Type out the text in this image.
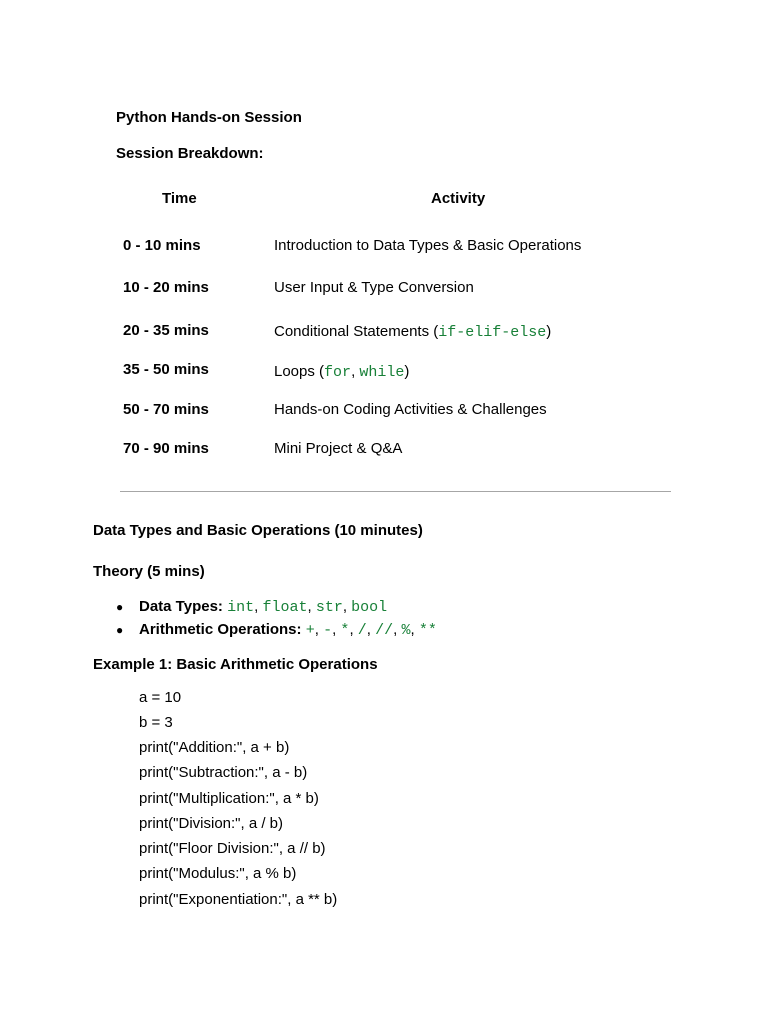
Python Hands-on Session
Session Breakdown:
Time	Activity
0 - 10 mins	Introduction to Data Types & Basic Operations
10 - 20 mins	User Input & Type Conversion
20 - 35 mins	Conditional Statements (if-elif-else)
35 - 50 mins	Loops (for, while)
50 - 70 mins	Hands-on Coding Activities & Challenges
70 - 90 mins	Mini Project & Q&A
Data Types and Basic Operations (10 minutes)
Theory (5 mins)
● Data Types: int, float, str, bool
● Arithmetic Operations: +, -, *, /, //, %, **
Example 1: Basic Arithmetic Operations
a = 10
b = 3
print("Addition:", a + b)
print("Subtraction:", a - b)
print("Multiplication:", a * b)
print("Division:", a / b)
print("Floor Division:", a // b)
print("Modulus:", a % b)
print("Exponentiation:", a ** b)
